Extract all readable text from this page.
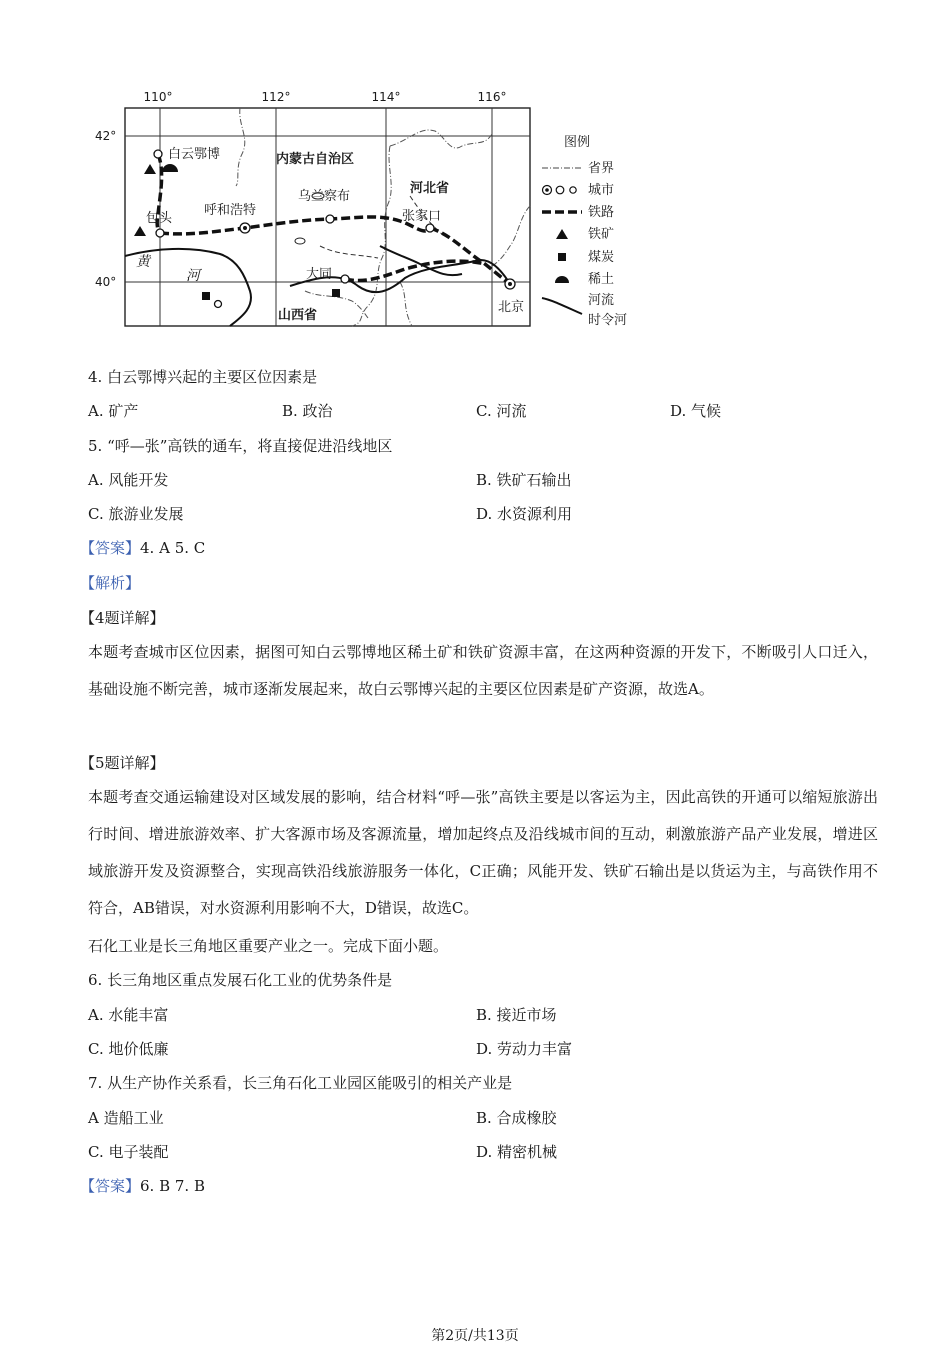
110°	112°	114°	116°
42°
40°
白云鄂博	内蒙古自治区
乌兰察布
河北省
呼和浩特	张家口
包头
黄
河	大同
山西省
北京
图例
省界
城市
铁路
铁矿
煤炭
稀土
河流
时令河
4. 白云鄂博兴起的主要区位因素是
A. 矿产	B. 政治	C. 河流	D. 气候
5. “呼—张”高铁的通车，将直接促进沿线地区
A. 风能开发	B. 铁矿石输出
C. 旅游业发展	D. 水资源利用
【答案】4. A 5. C
【解析】
【4题详解】
本题考查城市区位因素，据图可知白云鄂博地区稀土矿和铁矿资源丰富，在这两种资源的开发下，不断吸引人口迁入，基础设施不断完善，城市逐渐发展起来，故白云鄂博兴起的主要区位因素是矿产资源，故选A。
【5题详解】
本题考查交通运输建设对区域发展的影响，结合材料“呼—张”高铁主要是以客运为主，因此高铁的开通可以缩短旅游出行时间、增进旅游效率、扩大客源市场及客源流量，增加起终点及沿线城市间的互动，刺激旅游产品产业发展，增进区域旅游开发及资源整合，实现高铁沿线旅游服务一体化，C正确；风能开发、铁矿石输出是以货运为主，与高铁作用不符合，AB错误，对水资源利用影响不大，D错误，故选C。
石化工业是长三角地区重要产业之一。完成下面小题。
6. 长三角地区重点发展石化工业的优势条件是
A. 水能丰富	B. 接近市场
C. 地价低廉	D. 劳动力丰富
7. 从生产协作关系看，长三角石化工业园区能吸引的相关产业是
A 造船工业	B. 合成橡胶
C. 电子装配	D. 精密机械
【答案】6. B 7. B
第2页/共13页
